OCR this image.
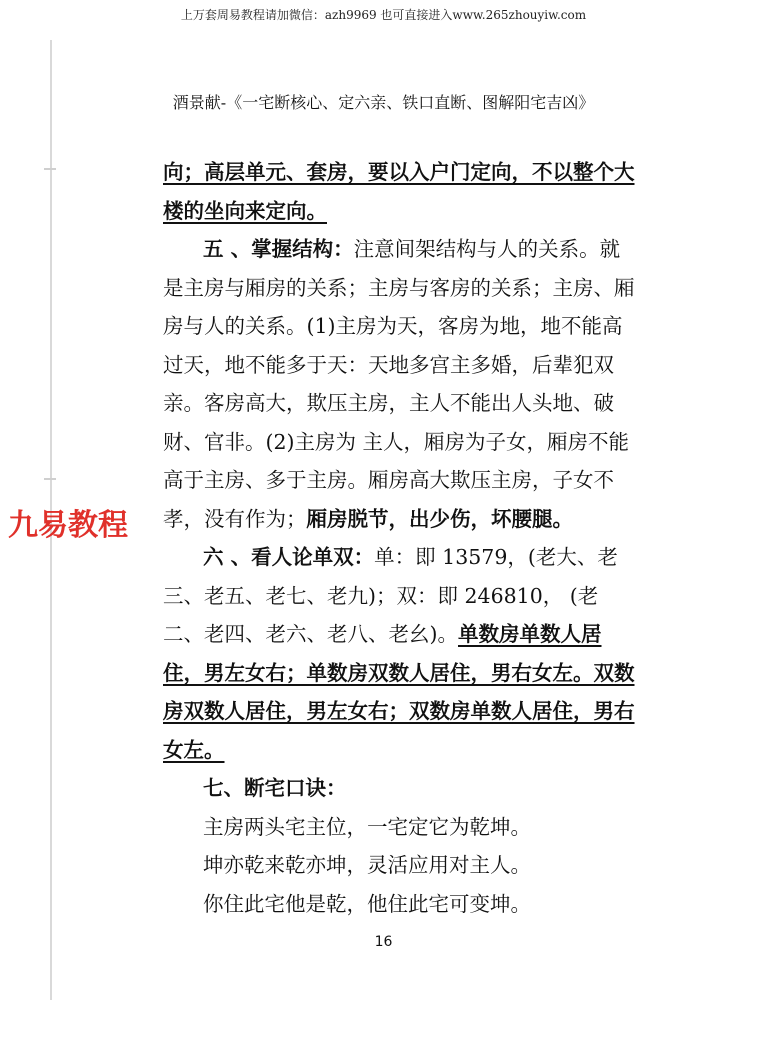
上万套周易教程请加微信：azh9969 也可直接进入www.265zhouyiw.com
酒景献-《一宅断核心、定六亲、铁口直断、图解阳宅吉凶》

向；高层单元、套房，要以入户门定向，不以整个大楼的坐向来定向。

五 、掌握结构：注意间架结构与人的关系。就是主房与厢房的关系；主房与客房的关系；主房、厢房与人的关系。(1)主房为天，客房为地，地不能高过天，地不能多于天：天地多宫主多婚，后辈犯双亲。客房高大，欺压主房，主人不能出人头地、破财、官非。(2)主房为 主人，厢房为子女，厢房不能高于主房、多于主房。厢房高大欺压主房，子女不孝，没有作为；厢房脱节，出少伤，坏腰腿。

六 、看人论单双：单：即 13579，(老大、老三、老五、老七、老九)；双：即 246810， (老二、老四、老六、老八、老幺)。单数房单数人居住，男左女右；单数房双数人居住，男右女左。双数房双数人居住，男左女右；双数房单数人居住，男右女左。

七、断宅口诀：

主房两头宅主位，一宅定它为乾坤。

坤亦乾来乾亦坤，灵活应用对主人。

你住此宅他是乾，他住此宅可变坤。

九易教程
16
